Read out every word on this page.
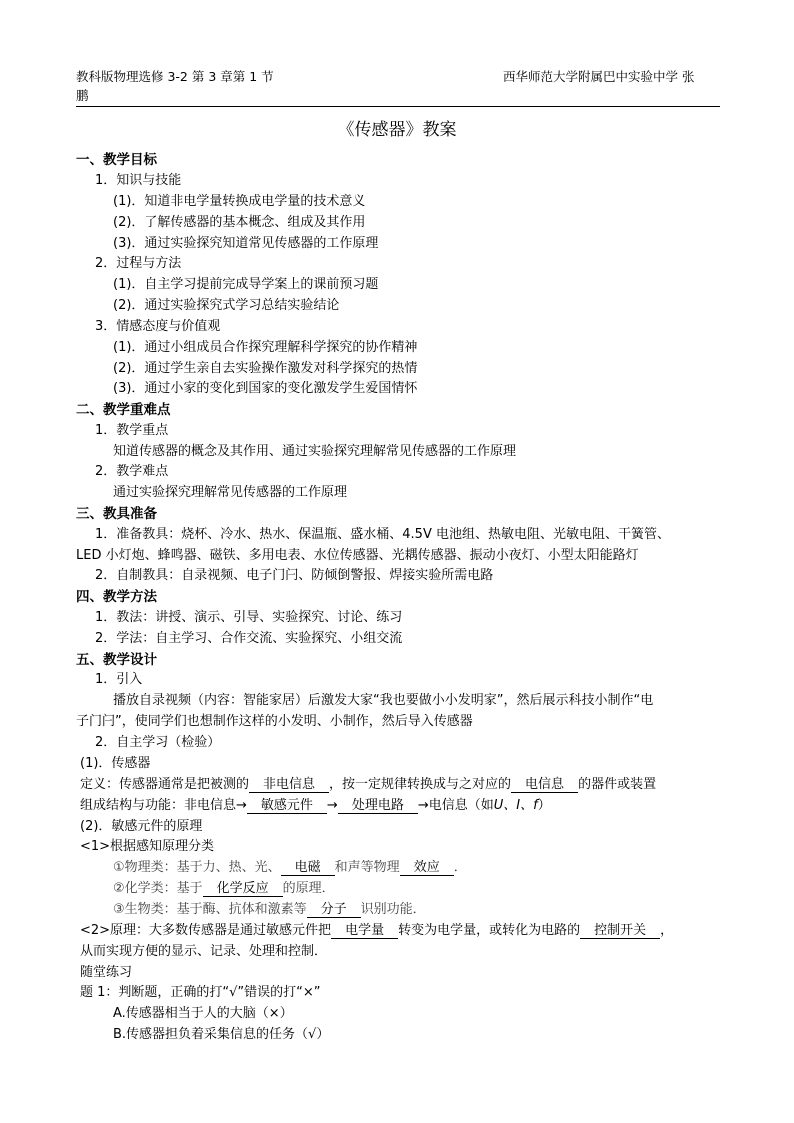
教科版物理选修 3-2 第 3 章第 1 节	西华师范大学附属巴中实验中学 张
鹏
《传感器》教案
一、教学目标
1．知识与技能
(1)．知道非电学量转换成电学量的技术意义
(2)．了解传感器的基本概念、组成及其作用
(3)．通过实验探究知道常见传感器的工作原理
2．过程与方法
(1)．自主学习提前完成导学案上的课前预习题
(2)．通过实验探究式学习总结实验结论
3．情感态度与价值观
(1)．通过小组成员合作探究理解科学探究的协作精神
(2)．通过学生亲自去实验操作激发对科学探究的热情
(3)．通过小家的变化到国家的变化激发学生爱国情怀
二、教学重难点
1．教学重点
知道传感器的概念及其作用、通过实验探究理解常见传感器的工作原理
2．教学难点
通过实验探究理解常见传感器的工作原理
三、教具准备
1．准备教具：烧杯、冷水、热水、保温瓶、盛水桶、4.5V 电池组、热敏电阻、光敏电阻、干簧管、
LED 小灯炮、蜂鸣器、磁铁、多用电表、水位传感器、光耦传感器、振动小夜灯、小型太阳能路灯
2．自制教具：自录视频、电子门闩、防倾倒警报、焊接实验所需电路
四、教学方法
1．教法：讲授、演示、引导、实验探究、讨论、练习
2．学法：自主学习、合作交流、实验探究、小组交流
五、教学设计
1．引入
播放自录视频（内容：智能家居）后激发大家“我也要做小小发明家”，然后展示科技小制作“电
子门闩”，使同学们也想制作这样的小发明、小制作，然后导入传感器
2．自主学习（检验）
(1)．传感器
定义：传感器通常是把被测的 非电信息 ，按一定规律转换成与之对应的 电信息 的器件或装置
组成结构与功能：非电信息→ 敏感元件 → 处理电路 →电信息（如U、I、f）
(2)．敏感元件的原理
<1>根据感知原理分类
①物理类：基于力、热、光、 电磁 和声等物理 效应 ．
②化学类：基于 化学反应 的原理．
③生物类：基于酶、抗体和激素等 分子 识别功能．
<2>原理：大多数传感器是通过敏感元件把 电学量 转变为电学量，或转化为电路的 控制开关 ，
从而实现方便的显示、记录、处理和控制．
随堂练习
题 1：判断题，正确的打“√”错误的打“×”
A.传感器相当于人的大脑（×）
B.传感器担负着采集信息的任务（√）
